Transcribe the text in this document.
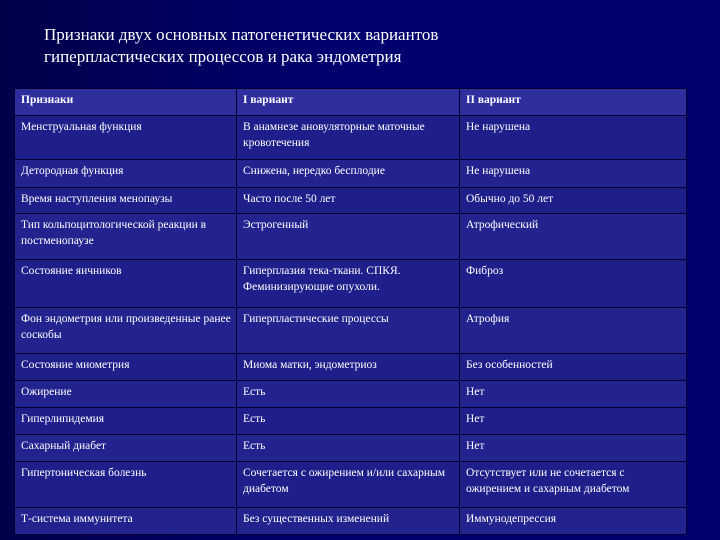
Признаки двух основных патогенетических вариантов
гиперпластических процессов и рака эндометрия
Признаки	I вариант	II вариант
Менструальная функция	В анамнезе ановуляторные маточные кровотечения	Не нарушена
Детородная функция	Снижена, нередко бесплодие	Не нарушена
Время наступления менопаузы	Часто после 50 лет	Обычно до 50 лет
Тип кольпоцитологической реакции в постменопаузе	Эстрогенный	Атрофический
Состояние яичников	Гиперплазия тека-ткани. СПКЯ. Феминизирующие опухоли.	Фиброз
Фон эндометрия или произведенные ранее соскобы	Гиперпластические процессы	Атрофия
Состояние миометрия	Миома матки, эндометриоз	Без особенностей
Ожирение	Есть	Нет
Гиперлипидемия	Есть	Нет
Сахарный диабет	Есть	Нет
Гипертоническая болезнь	Сочетается с ожирением и/или сахарным диабетом	Отсутствует или не сочетается с ожирением и сахарным диабетом
Т-система иммунитета	Без существенных изменений	Иммунодепрессия
